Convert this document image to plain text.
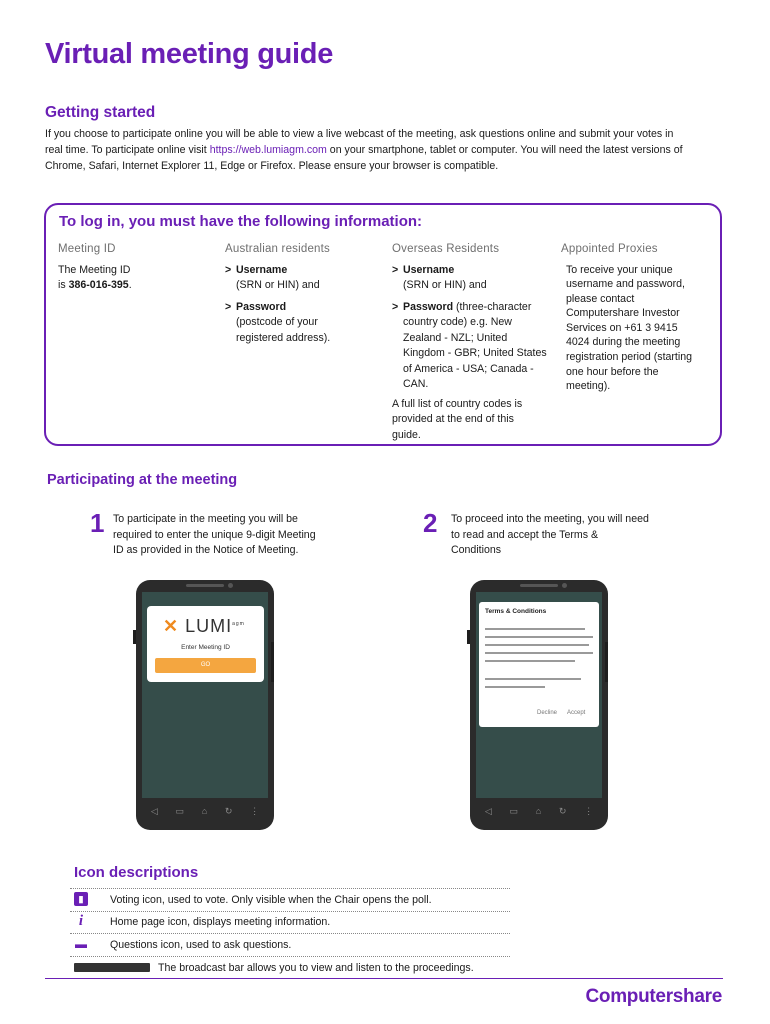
Virtual meeting guide
Getting started

If you choose to participate online you will be able to view a live webcast of the meeting, ask questions online and submit your votes in real time. To participate online visit https://web.lumiagm.com on your smartphone, tablet or computer. You will need the latest versions of Chrome, Safari, Internet Explorer 11, Edge or Firefox. Please ensure your browser is compatible.

To log in, you must have the following information:
Meeting ID
The Meeting ID
is 386-016-395.
Australian residents
> Username
(SRN or HIN) and
> Password
(postcode of your registered address).
Overseas Residents
> Username
(SRN or HIN) and
> Password (three-character country code) e.g. New Zealand - NZL; United Kingdom - GBR; United States of America - USA; Canada - CAN.
A full list of country codes is provided at the end of this guide.
Appointed Proxies
To receive your unique username and password, please contact Computershare Investor Services on +61 3 9415 4024 during the meeting registration period (starting one hour before the meeting).
Participating at the meeting
1 To participate in the meeting you will be required to enter the unique 9-digit Meeting ID as provided in the Notice of Meeting.
2 To proceed into the meeting, you will need to read and accept the Terms & Conditions
✕ $LUMI^{agm}$
Enter Meeting ID
GO
◁ ▭ ⌂ ↻ ⋮
Terms & Conditions
Decline Accept
◁ ▭ ⌂ ↻ ⋮
Icon descriptions
▮	Voting icon, used to vote. Only visible when the Chair opens the poll.
i	Home page icon, displays meeting information.
▬ Questions icon, used to ask questions.
The broadcast bar allows you to view and listen to the proceedings.
Computershare
